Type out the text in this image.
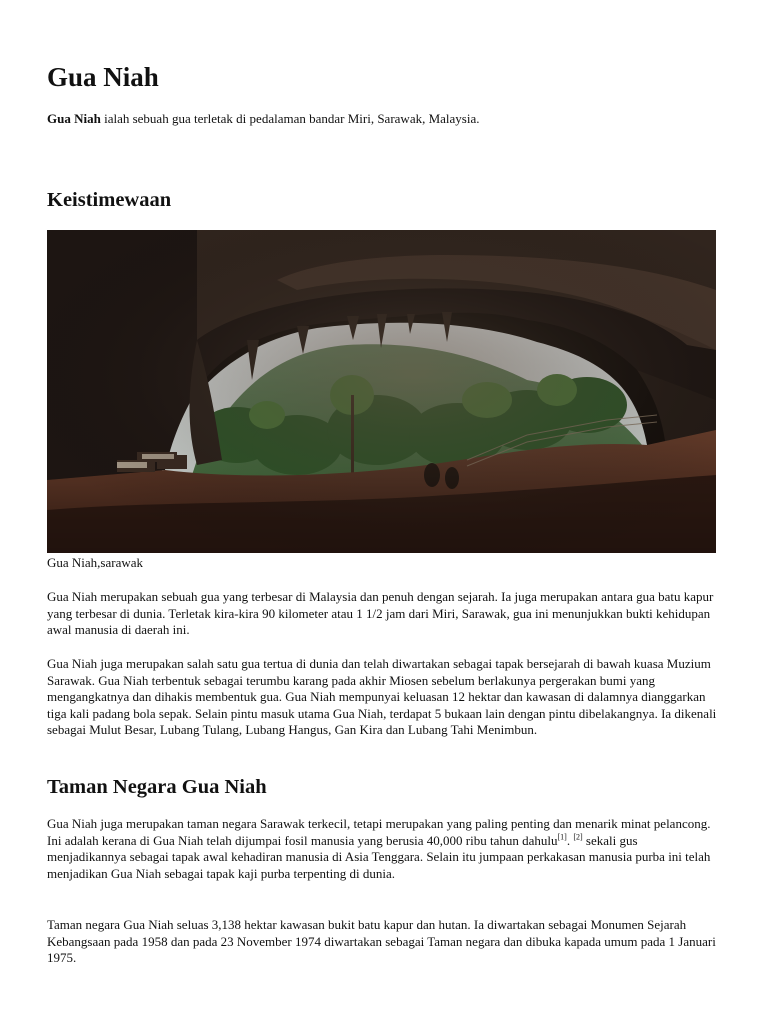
Gua Niah

Gua Niah ialah sebuah gua terletak di pedalaman bandar Miri, Sarawak, Malaysia.

Keistimewaan
Gua Niah,sarawak

Gua Niah merupakan sebuah gua yang terbesar di Malaysia dan penuh dengan sejarah. Ia juga merupakan antara gua batu kapur yang terbesar di dunia. Terletak kira-kira 90 kilometer atau 1 1/2 jam dari Miri, Sarawak, gua ini menunjukkan bukti kehidupan awal manusia di daerah ini.

Gua Niah juga merupakan salah satu gua tertua di dunia dan telah diwartakan sebagai tapak bersejarah di bawah kuasa Muzium Sarawak. Gua Niah terbentuk sebagai terumbu karang pada akhir Miosen sebelum berlakunya pergerakan bumi yang mengangkatnya dan dihakis membentuk gua. Gua Niah mempunyai keluasan 12 hektar dan kawasan di dalamnya dianggarkan tiga kali padang bola sepak. Selain pintu masuk utama Gua Niah, terdapat 5 bukaan lain dengan pintu dibelakangnya. Ia dikenali sebagai Mulut Besar, Lubang Tulang, Lubang Hangus, Gan Kira dan Lubang Tahi Menimbun.

Taman Negara Gua Niah

Gua Niah juga merupakan taman negara Sarawak terkecil, tetapi merupakan yang paling penting dan menarik minat pelancong. Ini adalah kerana di Gua Niah telah dijumpai fosil manusia yang berusia 40,000 ribu tahun dahulu[1]. [2] sekali gus menjadikannya sebagai tapak awal kehadiran manusia di Asia Tenggara. Selain itu jumpaan perkakasan manusia purba ini telah menjadikan Gua Niah sebagai tapak kaji purba terpenting di dunia.

Taman negara Gua Niah seluas 3,138 hektar kawasan bukit batu kapur dan hutan. Ia diwartakan sebagai Monumen Sejarah Kebangsaan pada 1958 dan pada 23 November 1974 diwartakan sebagai Taman negara dan dibuka kapada umum pada 1 Januari 1975.
